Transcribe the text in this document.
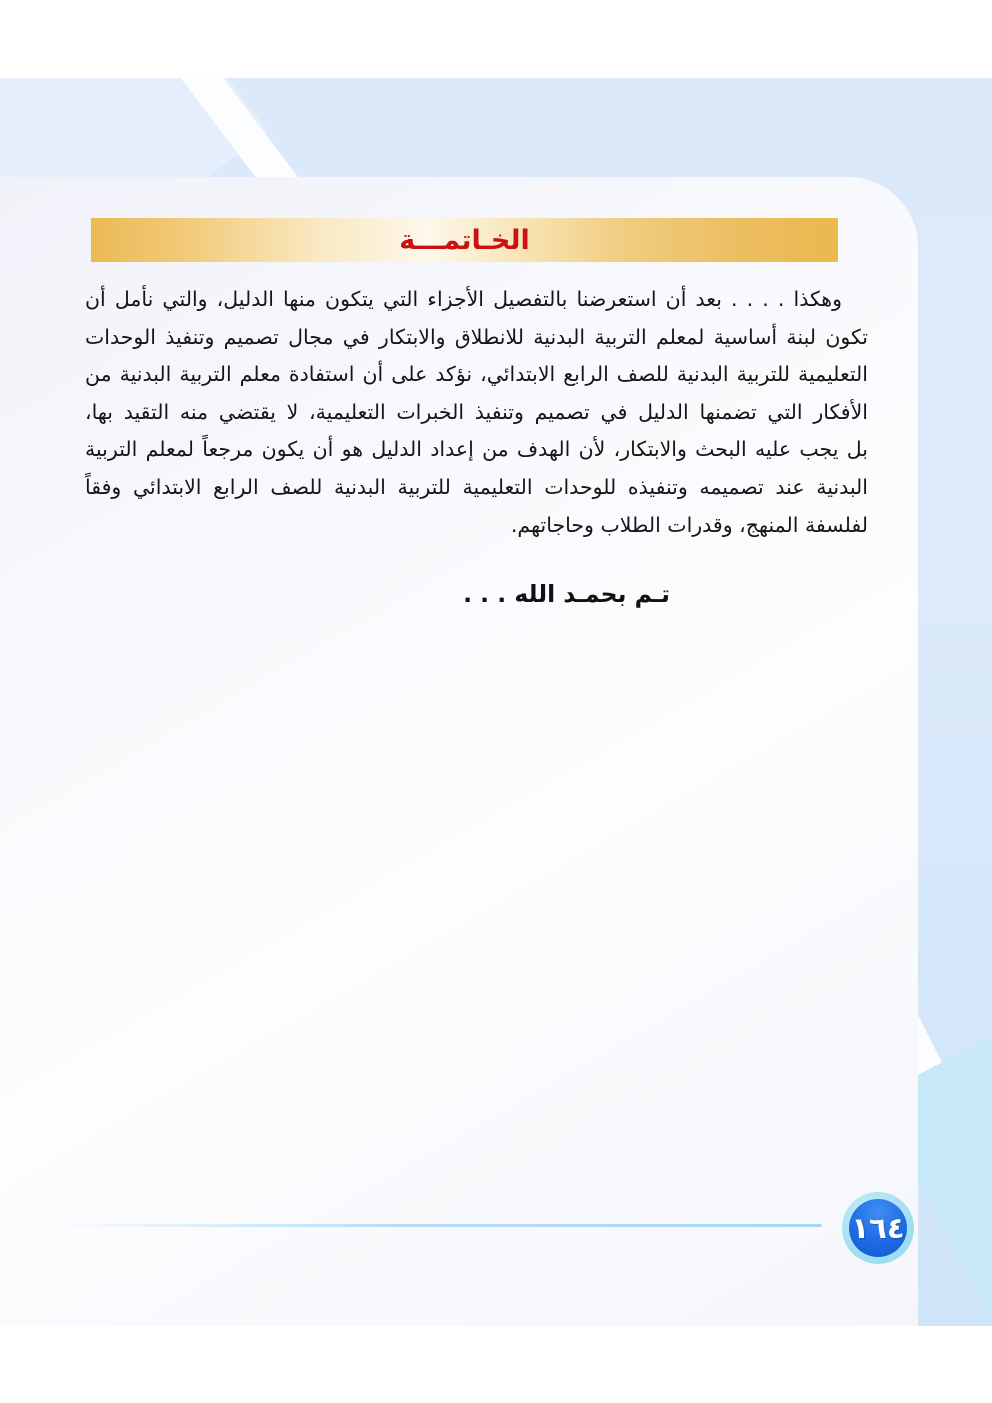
الخـاتمـــة
وهكذا . . . . بعد أن استعرضنا بالتفصيل الأجزاء التي يتكون منها الدليل، والتي نأمل أن
تكون لبنة أساسية لمعلم التربية البدنية للانطلاق والابتكار في مجال تصميم وتنفيذ الوحدات
التعليمية للتربية البدنية للصف الرابع الابتدائي، نؤكد على أن استفادة معلم التربية البدنية من
الأفكار التي تضمنها الدليل في تصميم وتنفيذ الخبرات التعليمية، لا يقتضي منه التقيد بها،
بل يجب عليه البحث والابتكار، لأن الهدف من إعداد الدليل هو أن يكون مرجعاً لمعلم التربية
البدنية عند تصميمه وتنفيذه للوحدات التعليمية للتربية البدنية للصف الرابع الابتدائي وفقاً
لفلسفة المنهج، وقدرات الطلاب وحاجاتهم.
تـم بحمـد الله . . .
١٦٤
